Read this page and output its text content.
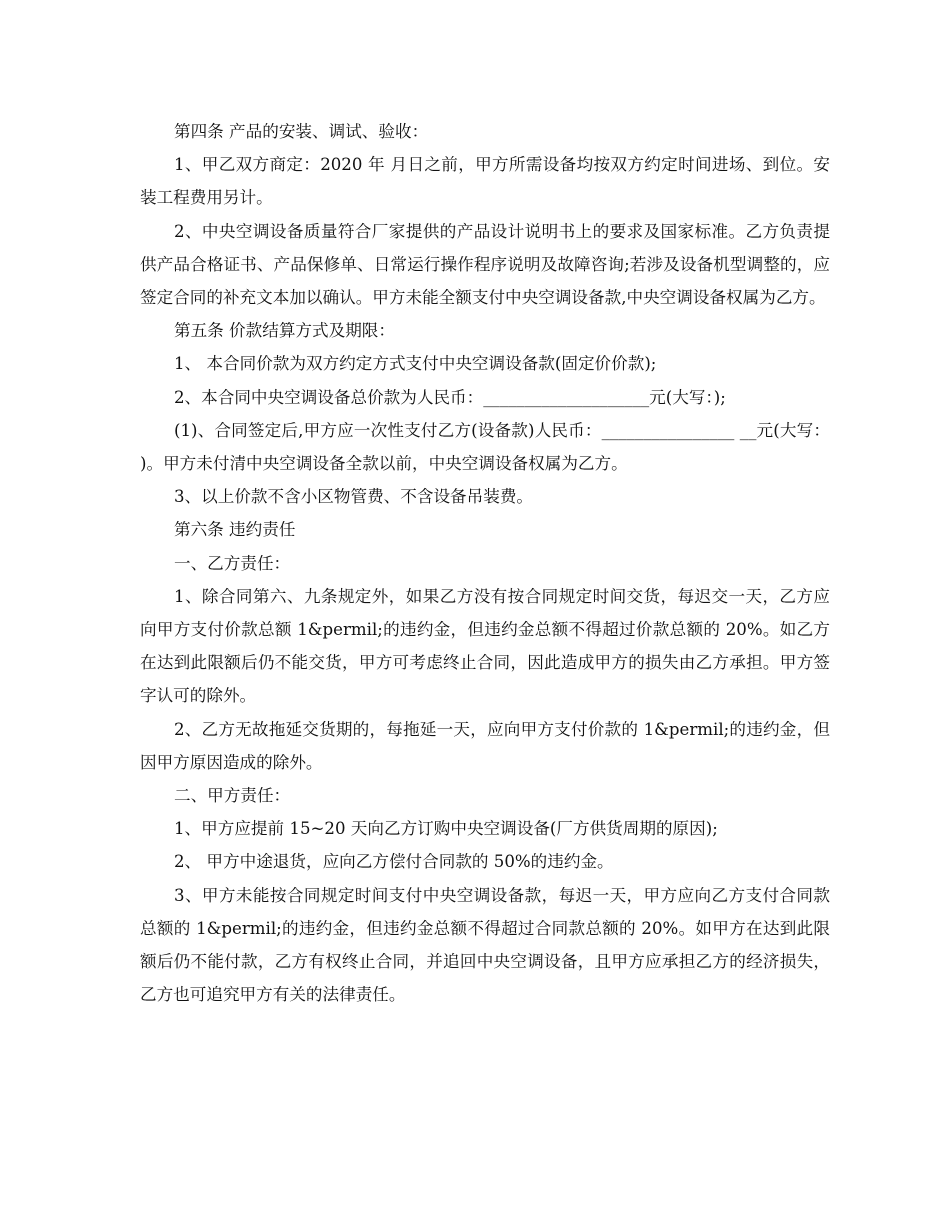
第四条 产品的安装、调试、验收：

1、甲乙双方商定：2020 年 月日之前，甲方所需设备均按双方约定时间进场、到位。安装工程费用另计。

2、中央空调设备质量符合厂家提供的产品设计说明书上的要求及国家标准。乙方负责提供产品合格证书、产品保修单、日常运行操作程序说明及故障咨询;若涉及设备机型调整的，应签定合同的补充文本加以确认。甲方未能全额支付中央空调设备款,中央空调设备权属为乙方。

第五条 价款结算方式及期限：

1、 本合同价款为双方约定方式支付中央空调设备款(固定价价款);

2、本合同中央空调设备总价款为人民币：____________________元(大写：);

(1)、合同签定后,甲方应一次性支付乙方(设备款)人民币：________________ __元(大写： )。甲方未付清中央空调设备全款以前，中央空调设备权属为乙方。

3、以上价款不含小区物管费、不含设备吊装费。

第六条 违约责任

一、乙方责任：

1、除合同第六、九条规定外，如果乙方没有按合同规定时间交货，每迟交一天，乙方应向甲方支付价款总额 1&permil;的违约金，但违约金总额不得超过价款总额的 20%。如乙方在达到此限额后仍不能交货，甲方可考虑终止合同，因此造成甲方的损失由乙方承担。甲方签字认可的除外。

2、乙方无故拖延交货期的，每拖延一天，应向甲方支付价款的 1&permil;的违约金，但因甲方原因造成的除外。

二、甲方责任：

1、甲方应提前 15~20 天向乙方订购中央空调设备(厂方供货周期的原因);

2、 甲方中途退货，应向乙方偿付合同款的 50%的违约金。

3、甲方未能按合同规定时间支付中央空调设备款，每迟一天，甲方应向乙方支付合同款总额的 1&permil;的违约金，但违约金总额不得超过合同款总额的 20%。如甲方在达到此限额后仍不能付款，乙方有权终止合同，并追回中央空调设备，且甲方应承担乙方的经济损失，乙方也可追究甲方有关的法律责任。
